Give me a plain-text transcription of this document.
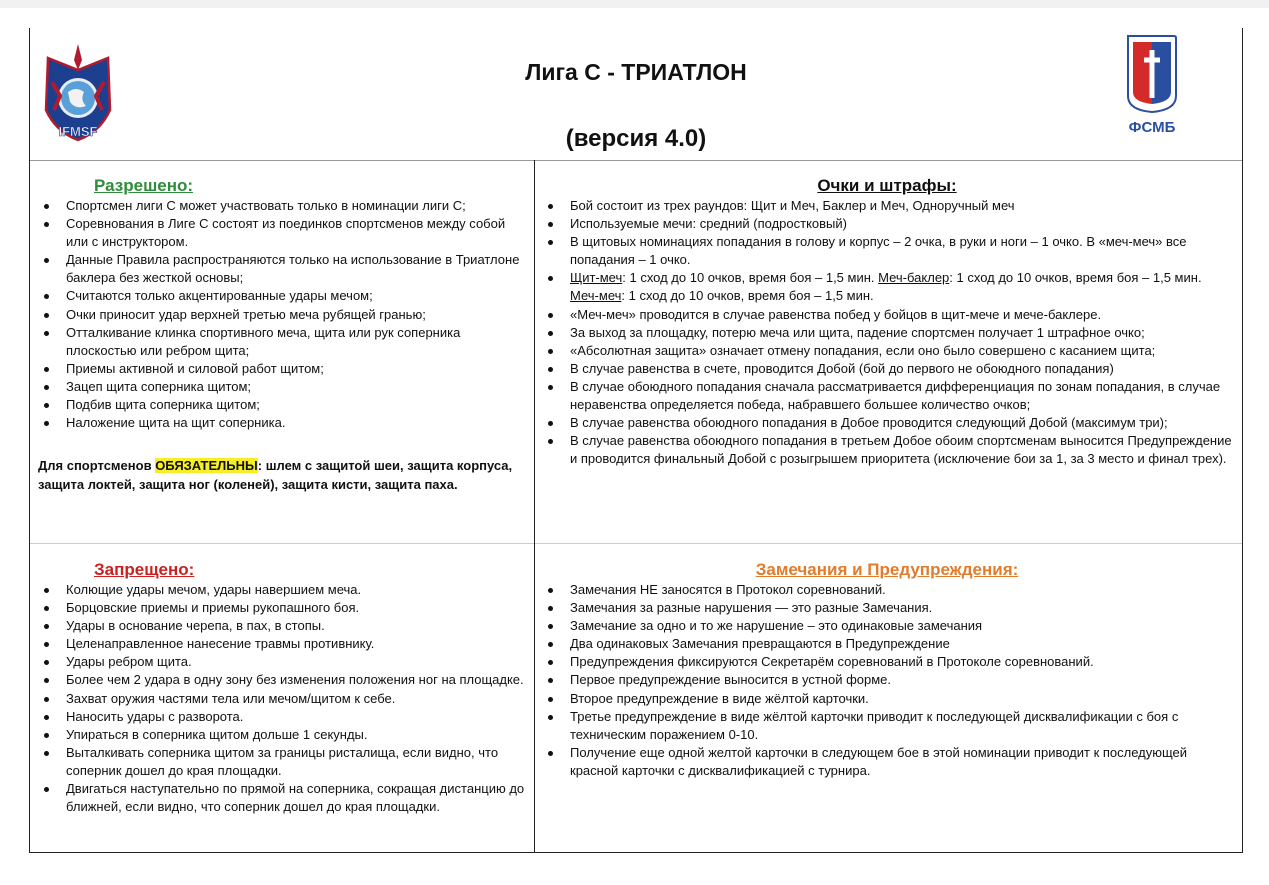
IFMSF
Лига С - ТРИАТЛОН
(версия 4.0)	ФСМБ
Разрешено:
Спортсмен лиги С может участвовать только в номинации лиги С;
Соревнования в Лиге С состоят из поединков спортсменов между собой или с инструктором.
Данные Правила распространяются только на использование в Триатлоне баклера без жесткой основы;
Считаются только акцентированные удары мечом;
Очки приносит удар верхней третью меча рубящей гранью;
Отталкивание клинка спортивного меча, щита или рук соперника плоскостью или ребром щита;
Приемы активной и силовой работ щитом;
Зацеп щита соперника щитом;
Подбив щита соперника щитом;
Наложение щита на щит соперника.
Для спортсменов ОБЯЗАТЕЛЬНЫ: шлем с защитой шеи, защита корпуса, защита локтей, защита ног (коленей), защита кисти, защита паха.
Очки и штрафы:
Бой состоит из трех раундов: Щит и Меч, Баклер и Меч, Одноручный меч
Используемые мечи: средний (подростковый)
В щитовых номинациях попадания в голову и корпус – 2 очка, в руки и ноги – 1 очко. В «меч-меч» все попадания – 1 очко.
Щит-меч: 1 сход до 10 очков, время боя – 1,5 мин. Меч-баклер: 1 сход до 10 очков, время боя – 1,5 мин. Меч-меч: 1 сход до 10 очков, время боя – 1,5 мин.
«Меч-меч» проводится в случае равенства побед у бойцов в щит-мече и мече-баклере.
За выход за площадку, потерю меча или щита, падение спортсмен получает 1 штрафное очко;
«Абсолютная защита» означает отмену попадания, если оно было совершено с касанием щита;
В случае равенства в счете, проводится Добой (бой до первого не обоюдного попадания)
В случае обоюдного попадания сначала рассматривается дифференциация по зонам попадания, в случае неравенства определяется победа, набравшего большее количество очков;
В случае равенства обоюдного попадания в Добое проводится следующий Добой (максимум три);
В случае равенства обоюдного попадания в третьем Добое обоим спортсменам выносится Предупреждение и проводится финальный Добой с розыгрышем приоритета (исключение бои за 1, за 3 место и финал трех).
Запрещено:
Колющие удары мечом, удары навершием меча.
Борцовские приемы и приемы рукопашного боя.
Удары в основание черепа, в пах, в стопы.
Целенаправленное нанесение травмы противнику.
Удары ребром щита.
Более чем 2 удара в одну зону без изменения положения ног на площадке.
Захват оружия частями тела или мечом/щитом к себе.
Наносить удары с разворота.
Упираться в соперника щитом дольше 1 секунды.
Выталкивать соперника щитом за границы ристалища, если видно, что соперник дошел до края площадки.
Двигаться наступательно по прямой на соперника, сокращая дистанцию до ближней, если видно, что соперник дошел до края площадки.
Замечания и Предупреждения:
Замечания НЕ заносятся в Протокол соревнований.
Замечания за разные нарушения — это разные Замечания.
Замечание за одно и то же нарушение – это одинаковые замечания
Два одинаковых Замечания превращаются в Предупреждение
Предупреждения фиксируются Секретарём соревнований в Протоколе соревнований.
Первое предупреждение выносится в устной форме.
Второе предупреждение в виде жёлтой карточки.
Третье предупреждение в виде жёлтой карточки приводит к последующей дисквалификации с боя с техническим поражением 0-10.
Получение еще одной желтой карточки в следующем бое в этой номинации приводит к последующей красной карточки с дисквалификацией с турнира.
